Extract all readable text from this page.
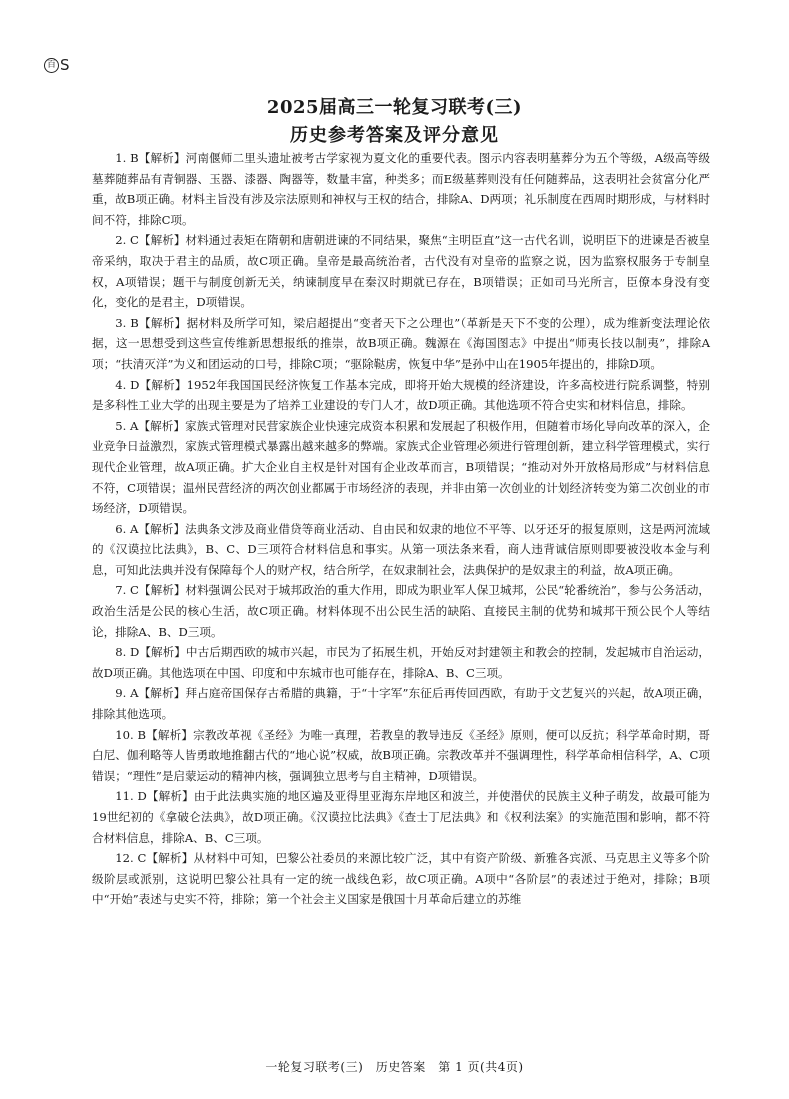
百 S
2025届高三一轮复习联考(三)
历史参考答案及评分意见

1. B【解析】河南偃师二里头遗址被考古学家视为夏文化的重要代表。图示内容表明墓葬分为五个等级，A级高等级墓葬随葬品有青铜器、玉器、漆器、陶器等，数量丰富，种类多；而E级墓葬则没有任何随葬品，这表明社会贫富分化严重，故B项正确。材料主旨没有涉及宗法原则和神权与王权的结合，排除A、D两项；礼乐制度在西周时期形成，与材料时间不符，排除C项。

2. C【解析】材料通过表矩在隋朝和唐朝进谏的不同结果，聚焦“主明臣直”这一古代名训，说明臣下的进谏是否被皇帝采纳，取决于君主的品质，故C项正确。皇帝是最高统治者，古代没有对皇帝的监察之说，因为监察权服务于专制皇权，A项错误；题干与制度创新无关，纳谏制度早在秦汉时期就已存在，B项错误；正如司马光所言，臣僚本身没有变化，变化的是君主，D项错误。

3. B【解析】据材料及所学可知，梁启超提出“变者天下之公理也”（革新是天下不变的公理），成为维新变法理论依据，这一思想受到这些宣传维新思想报纸的推崇，故B项正确。魏源在《海国图志》中提出“师夷长技以制夷”，排除A项；“扶清灭洋”为义和团运动的口号，排除C项；“驱除鞑虏，恢复中华”是孙中山在1905年提出的，排除D项。

4. D【解析】1952年我国国民经济恢复工作基本完成，即将开始大规模的经济建设，许多高校进行院系调整，特别是多科性工业大学的出现主要是为了培养工业建设的专门人才，故D项正确。其他选项不符合史实和材料信息，排除。

5. A【解析】家族式管理对民营家族企业快速完成资本积累和发展起了积极作用，但随着市场化导向改革的深入，企业竞争日益激烈，家族式管理模式暴露出越来越多的弊端。家族式企业管理必须进行管理创新，建立科学管理模式，实行现代企业管理，故A项正确。扩大企业自主权是针对国有企业改革而言，B项错误；“推动对外开放格局形成”与材料信息不符，C项错误；温州民营经济的两次创业都属于市场经济的表现，并非由第一次创业的计划经济转变为第二次创业的市场经济，D项错误。

6. A【解析】法典条文涉及商业借贷等商业活动、自由民和奴隶的地位不平等、以牙还牙的报复原则，这是两河流域的《汉谟拉比法典》，B、C、D三项符合材料信息和事实。从第一项法条来看，商人违背诚信原则即要被没收本金与利息，可知此法典并没有保障每个人的财产权，结合所学，在奴隶制社会，法典保护的是奴隶主的利益，故A项正确。

7. C【解析】材料强调公民对于城邦政治的重大作用，即成为职业军人保卫城邦，公民“轮番统治”，参与公务活动，政治生活是公民的核心生活，故C项正确。材料体现不出公民生活的缺陷、直接民主制的优势和城邦干预公民个人等结论，排除A、B、D三项。

8. D【解析】中古后期西欧的城市兴起，市民为了拓展生机，开始反对封建领主和教会的控制，发起城市自治运动，故D项正确。其他选项在中国、印度和中东城市也可能存在，排除A、B、C三项。

9. A【解析】拜占庭帝国保存古希腊的典籍，于“十字军”东征后再传回西欧，有助于文艺复兴的兴起，故A项正确，排除其他选项。

10. B【解析】宗教改革视《圣经》为唯一真理，若教皇的教导违反《圣经》原则，便可以反抗；科学革命时期，哥白尼、伽利略等人皆勇敢地推翻古代的“地心说”权威，故B项正确。宗教改革并不强调理性，科学革命相信科学，A、C项错误；“理性”是启蒙运动的精神内核，强调独立思考与自主精神，D项错误。

11. D【解析】由于此法典实施的地区遍及亚得里亚海东岸地区和波兰，并使潜伏的民族主义种子萌发，故最可能为19世纪初的《拿破仑法典》，故D项正确。《汉谟拉比法典》《查士丁尼法典》和《权利法案》的实施范围和影响，都不符合材料信息，排除A、B、C三项。

12. C【解析】从材料中可知，巴黎公社委员的来源比较广泛，其中有资产阶级、新雅各宾派、马克思主义等多个阶级阶层或派别，这说明巴黎公社具有一定的统一战线色彩，故C项正确。A项中“各阶层”的表述过于绝对，排除；B项中“开始”表述与史实不符，排除；第一个社会主义国家是俄国十月革命后建立的苏维

一轮复习联考(三)　历史答案　第 1 页(共4页)
